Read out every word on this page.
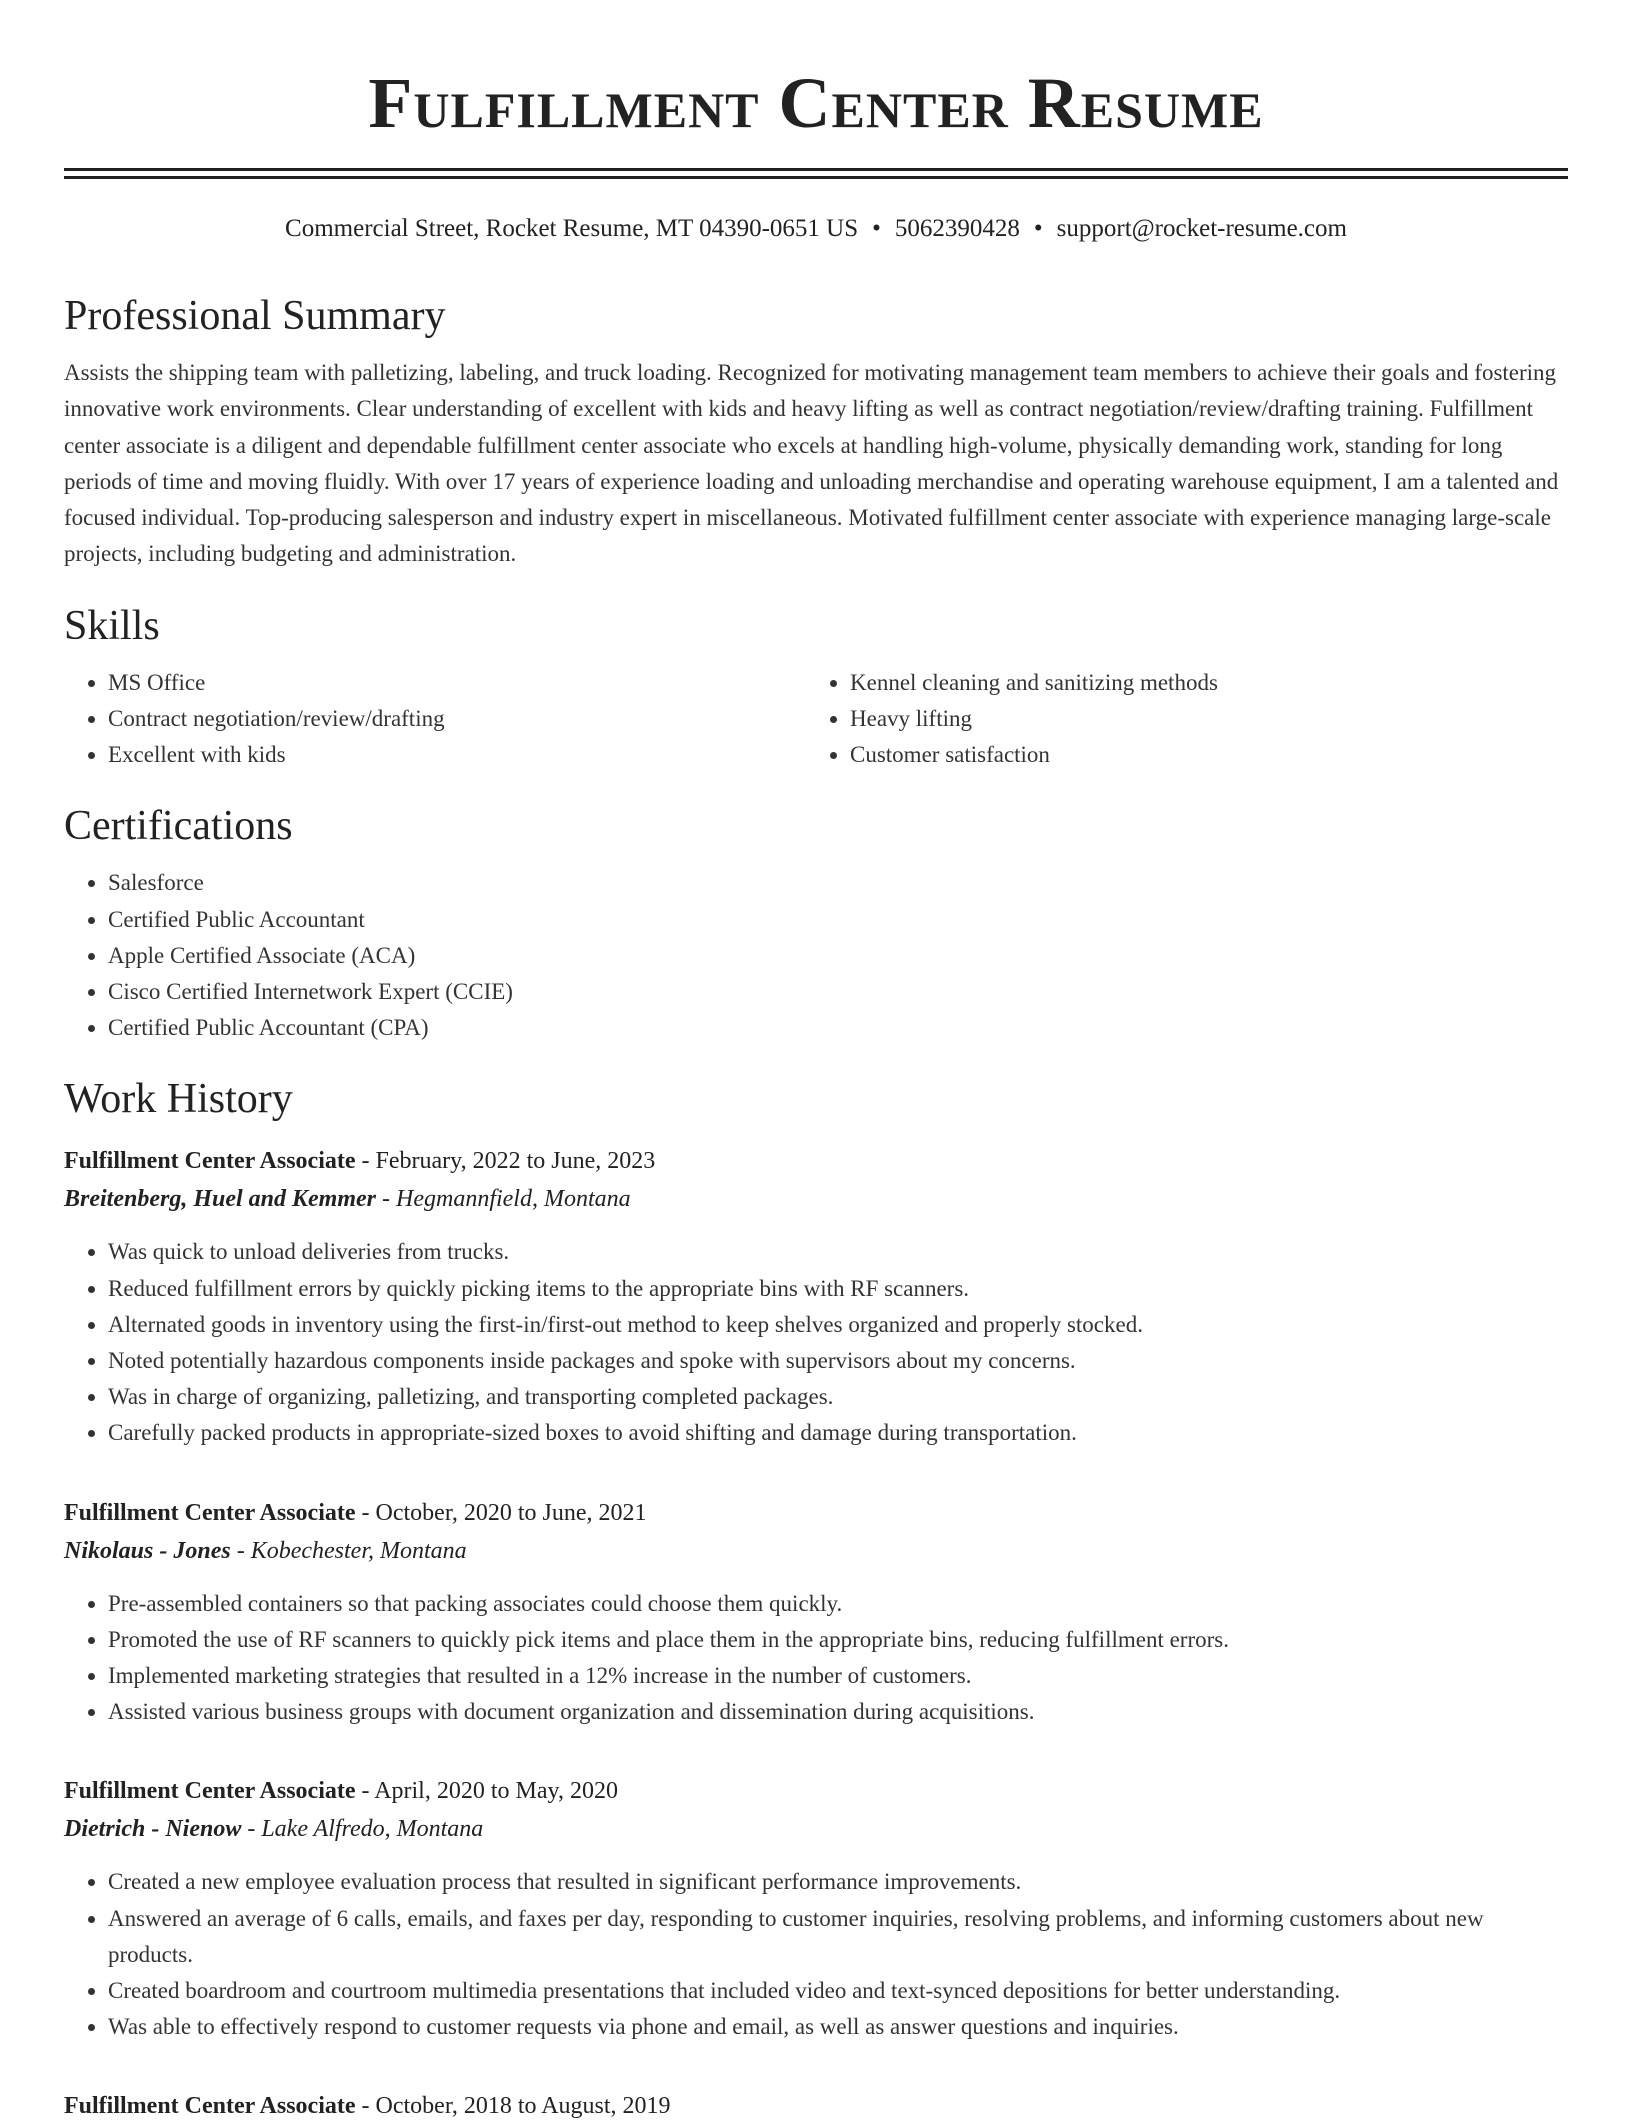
Fulfillment Center Resume
Commercial Street, Rocket Resume, MT 04390-0651 US • 5062390428 • support@rocket-resume.com
Professional Summary
Assists the shipping team with palletizing, labeling, and truck loading. Recognized for motivating management team members to achieve their goals and fostering innovative work environments. Clear understanding of excellent with kids and heavy lifting as well as contract negotiation/review/drafting training. Fulfillment center associate is a diligent and dependable fulfillment center associate who excels at handling high-volume, physically demanding work, standing for long periods of time and moving fluidly. With over 17 years of experience loading and unloading merchandise and operating warehouse equipment, I am a talented and focused individual. Top-producing salesperson and industry expert in miscellaneous. Motivated fulfillment center associate with experience managing large-scale projects, including budgeting and administration.
Skills
• MS Office
• Contract negotiation/review/drafting
• Excellent with kids
• Kennel cleaning and sanitizing methods
• Heavy lifting
• Customer satisfaction
Certifications
• Salesforce
• Certified Public Accountant
• Apple Certified Associate (ACA)
• Cisco Certified Internetwork Expert (CCIE)
• Certified Public Accountant (CPA)
Work History
Fulfillment Center Associate - February, 2022 to June, 2023
Breitenberg, Huel and Kemmer - Hegmannfield, Montana
• Was quick to unload deliveries from trucks.
• Reduced fulfillment errors by quickly picking items to the appropriate bins with RF scanners.
• Alternated goods in inventory using the first-in/first-out method to keep shelves organized and properly stocked.
• Noted potentially hazardous components inside packages and spoke with supervisors about my concerns.
• Was in charge of organizing, palletizing, and transporting completed packages.
• Carefully packed products in appropriate-sized boxes to avoid shifting and damage during transportation.
Fulfillment Center Associate - October, 2020 to June, 2021
Nikolaus - Jones - Kobechester, Montana
• Pre-assembled containers so that packing associates could choose them quickly.
• Promoted the use of RF scanners to quickly pick items and place them in the appropriate bins, reducing fulfillment errors.
• Implemented marketing strategies that resulted in a 12% increase in the number of customers.
• Assisted various business groups with document organization and dissemination during acquisitions.
Fulfillment Center Associate - April, 2020 to May, 2020
Dietrich - Nienow - Lake Alfredo, Montana
• Created a new employee evaluation process that resulted in significant performance improvements.
• Answered an average of 6 calls, emails, and faxes per day, responding to customer inquiries, resolving problems, and informing customers about new products.
• Created boardroom and courtroom multimedia presentations that included video and text-synced depositions for better understanding.
• Was able to effectively respond to customer requests via phone and email, as well as answer questions and inquiries.
Fulfillment Center Associate - October, 2018 to August, 2019
